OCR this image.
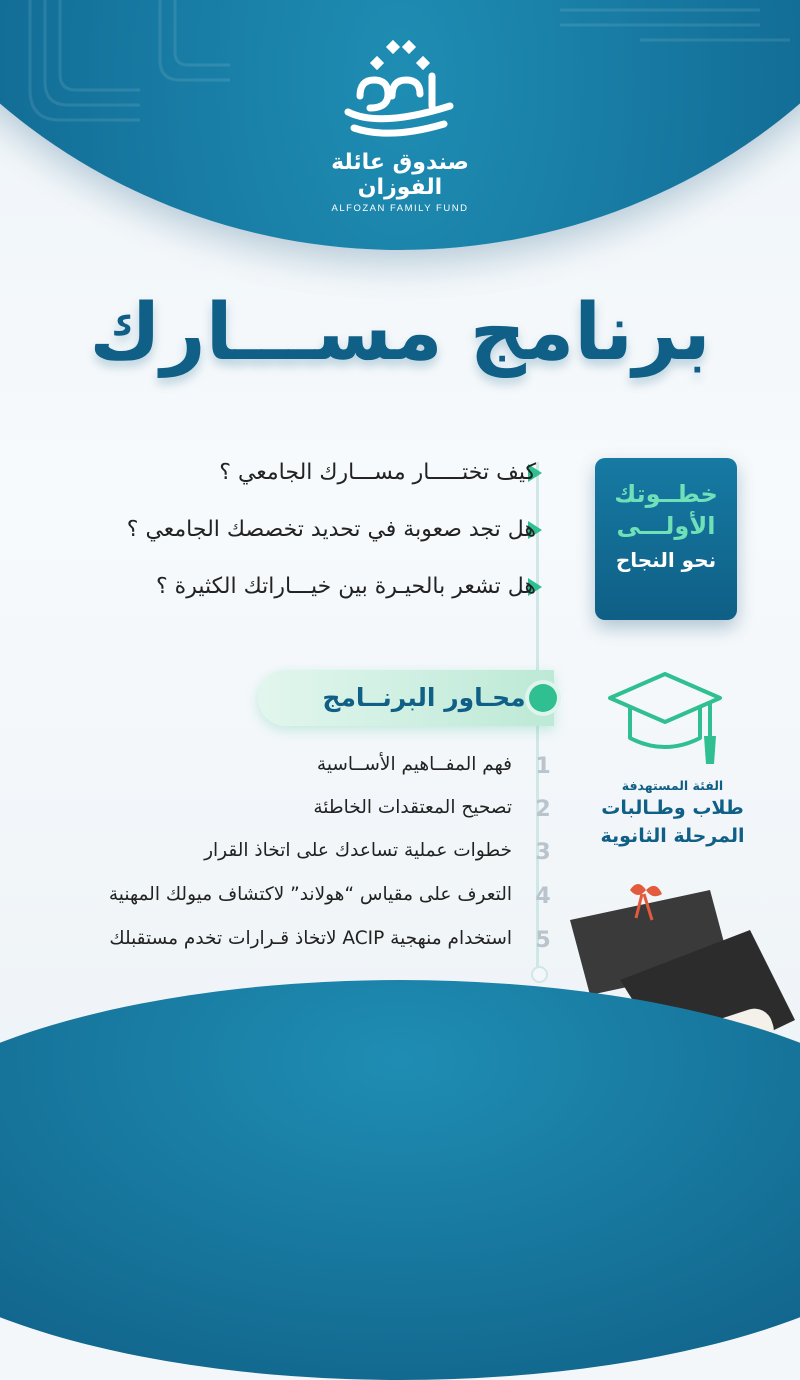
صندوق عائلة الفوزان
ALFOZAN FAMILY FUND
برنامج مســـارك
كيف تختـــــار مســـارك الجامعي ؟
هل تجد صعوبة في تحديد تخصصك الجامعي ؟
هل تشعر بالحيـرة بين خيـــاراتك الكثيرة ؟
خطــوتك
الأولـــى
نحو النجاح
محـاور البرنــامج
1
فهم المفــاهيم الأســاسية
2
تصحيح المعتقدات الخاطئة
3
خطوات عملية تساعدك على اتخاذ القرار
4
التعرف على مقياس “هولاند” لاكتشاف ميولك المهنية
5
استخدام منهجية ACIP لاتخاذ قـرارات تخدم مستقبلك
الفئة المستهدفة
طلاب وطـالبات
المرحلة الثانوية
